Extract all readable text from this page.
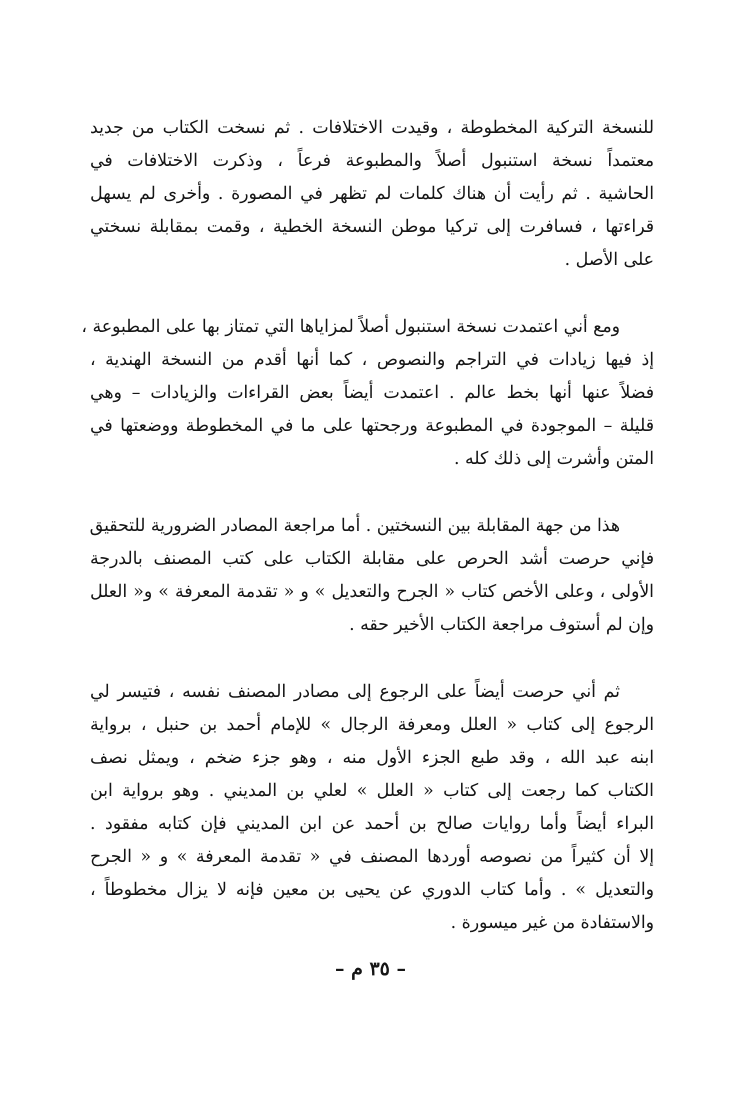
للنسخة التركية المخطوطة ، وقيدت الاختلافات . ثم نسخت الكتاب من جديد
معتمداً نسخة استنبول أصلاً والمطبوعة فرعاً ، وذكرت الاختلافات في
الحاشية . ثم رأيت أن هناك كلمات لم تظهر في المصورة . وأخرى لم يسهل
قراءتها ، فسافرت إلى تركيا موطن النسخة الخطية ، وقمت بمقابلة نسختي
على الأصل .
ومع أني اعتمدت نسخة استنبول أصلاً لمزاياها التي تمتاز بها على المطبوعة ،
إذ فيها زيادات في التراجم والنصوص ، كما أنها أقدم من النسخة الهندية ،
فضلاً عنها أنها بخط عالم . اعتمدت أيضاً بعض القراءات والزيادات – وهي
قليلة – الموجودة في المطبوعة ورجحتها على ما في المخطوطة ووضعتها في
المتن وأشرت إلى ذلك كله .
هذا من جهة المقابلة بين النسختين . أما مراجعة المصادر الضرورية للتحقيق
فإني حرصت أشد الحرص على مقابلة الكتاب على كتب المصنف بالدرجة
الأولى ، وعلى الأخص كتاب « الجرح والتعديل » و « تقدمة المعرفة » و« العلل
وإن لم أستوف مراجعة الكتاب الأخير حقه .
ثم أني حرصت أيضاً على الرجوع إلى مصادر المصنف نفسه ، فتيسر لي
الرجوع إلى كتاب « العلل ومعرفة الرجال » للإمام أحمد بن حنبل ، برواية
ابنه عبد الله ، وقد طبع الجزء الأول منه ، وهو جزء ضخم ، ويمثل نصف
الكتاب كما رجعت إلى كتاب « العلل » لعلي بن المديني . وهو برواية ابن
البراء أيضاً وأما روايات صالح بن أحمد عن ابن المديني فإن كتابه مفقود .
إلا أن كثيراً من نصوصه أوردها المصنف في « تقدمة المعرفة » و « الجرح
والتعديل » . وأما كتاب الدوري عن يحيى بن معين فإنه لا يزال مخطوطاً ،
والاستفادة من غير ميسورة .
– ٣٥ م –
